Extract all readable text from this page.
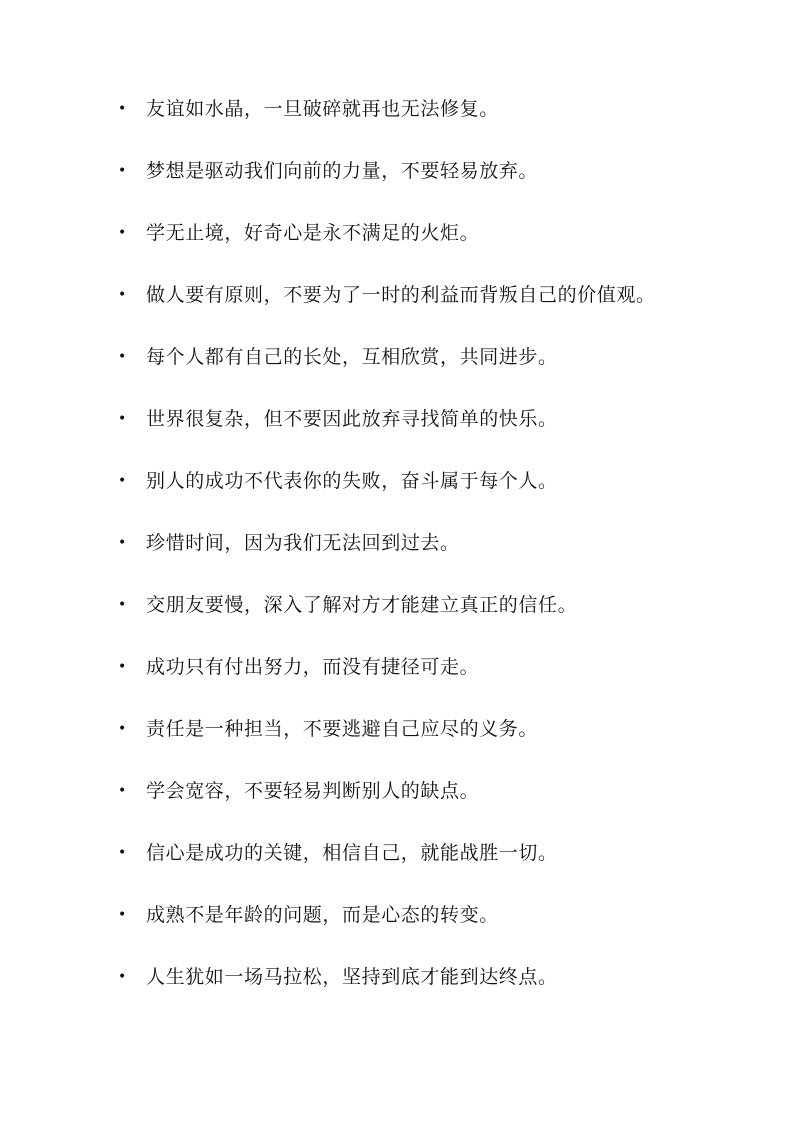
•	友谊如水晶，一旦破碎就再也无法修复。
•	梦想是驱动我们向前的力量，不要轻易放弃。
•	学无止境，好奇心是永不满足的火炬。
•	做人要有原则，不要为了一时的利益而背叛自己的价值观。
•	每个人都有自己的长处，互相欣赏，共同进步。
•	世界很复杂，但不要因此放弃寻找简单的快乐。
•	别人的成功不代表你的失败，奋斗属于每个人。
•	珍惜时间，因为我们无法回到过去。
•	交朋友要慢，深入了解对方才能建立真正的信任。
•	成功只有付出努力，而没有捷径可走。
•	责任是一种担当，不要逃避自己应尽的义务。
•	学会宽容，不要轻易判断别人的缺点。
•	信心是成功的关键，相信自己，就能战胜一切。
•	成熟不是年龄的问题，而是心态的转变。
•	人生犹如一场马拉松，坚持到底才能到达终点。
